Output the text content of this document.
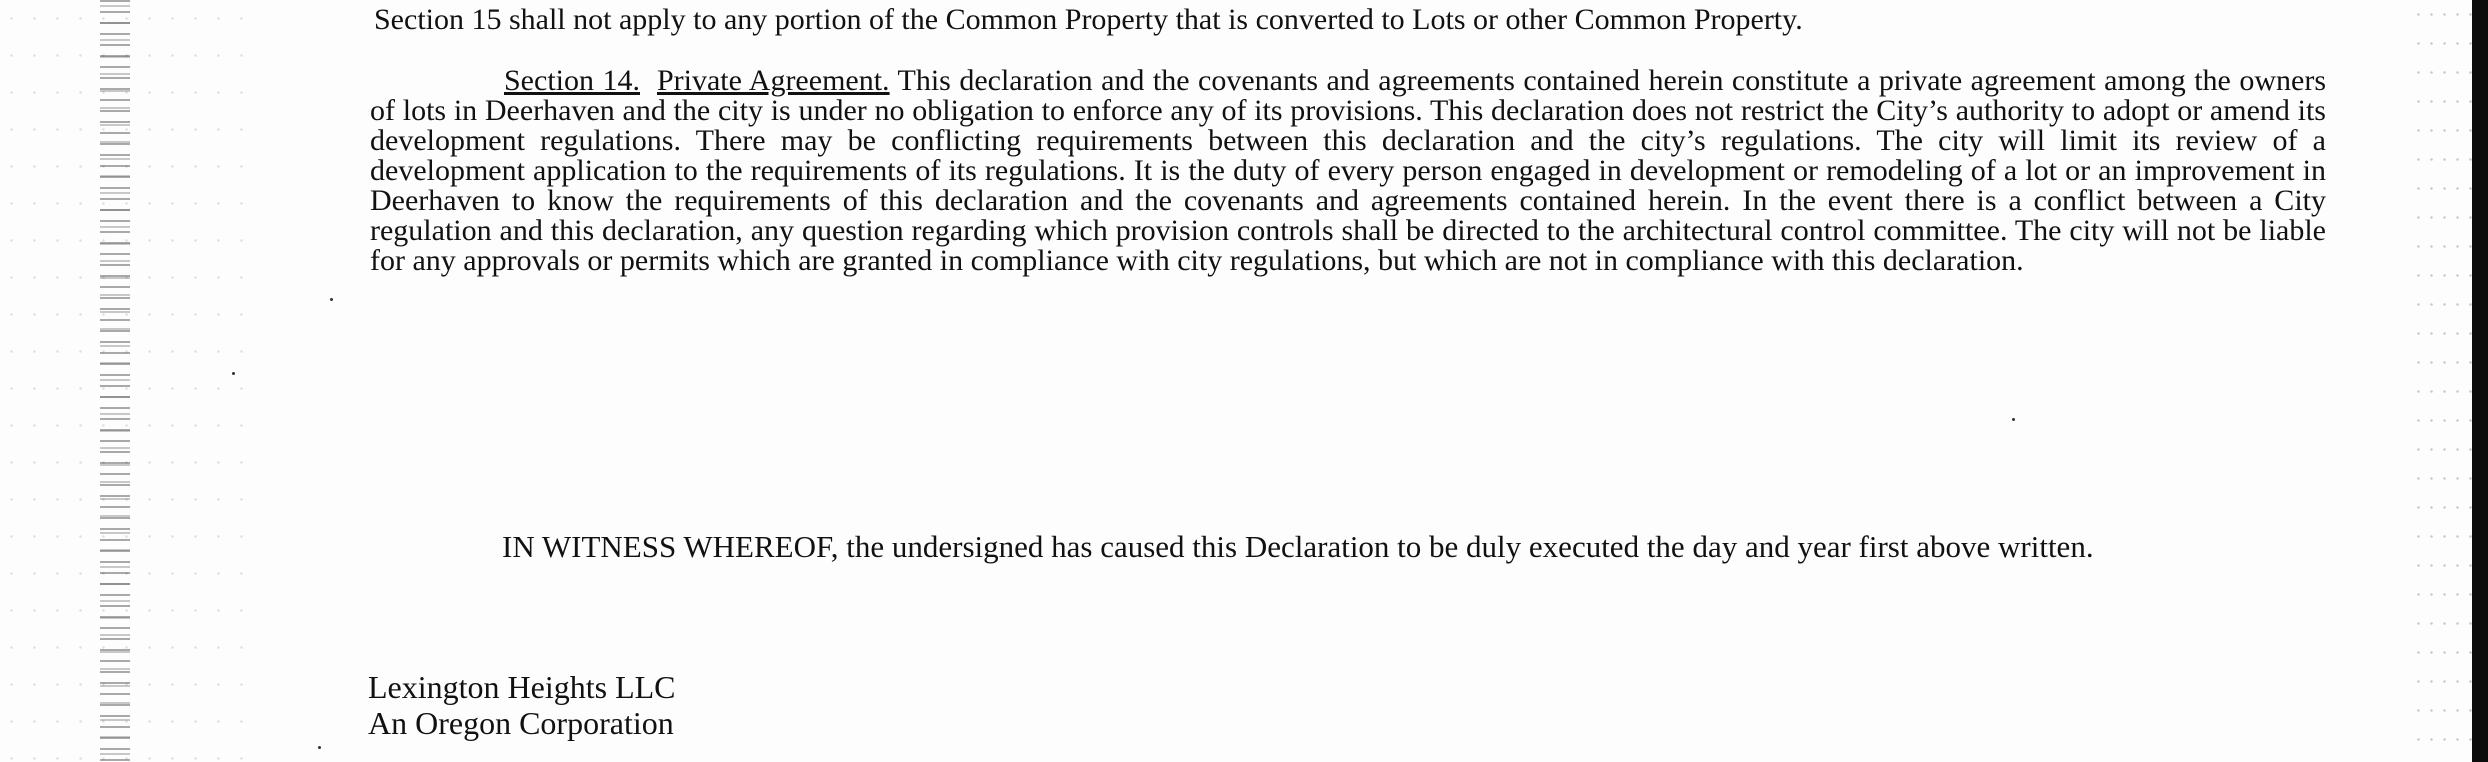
Section 15 shall not apply to any portion of the Common Property that is converted to Lots or other Common Property.
Section 14. Private Agreement. This declaration and the covenants and agreements contained herein constitute a private agreement among the owners of lots in Deerhaven and the city is under no obligation to enforce any of its provisions. This declaration does not restrict the City’s authority to adopt or amend its development regulations. There may be conflicting requirements between this declaration and the city’s regulations. The city will limit its review of a development application to the requirements of its regulations. It is the duty of every person engaged in development or remodeling of a lot or an improvement in Deerhaven to know the requirements of this declaration and the covenants and agreements contained herein. In the event there is a conflict between a City regulation and this declaration, any question regarding which provision controls shall be directed to the architectural control committee. The city will not be liable for any approvals or permits which are granted in compliance with city regulations, but which are not in compliance with this declaration.
IN WITNESS WHEREOF, the undersigned has caused this Declaration to be duly executed the day and year first above written.
Lexington Heights LLC
An Oregon Corporation
